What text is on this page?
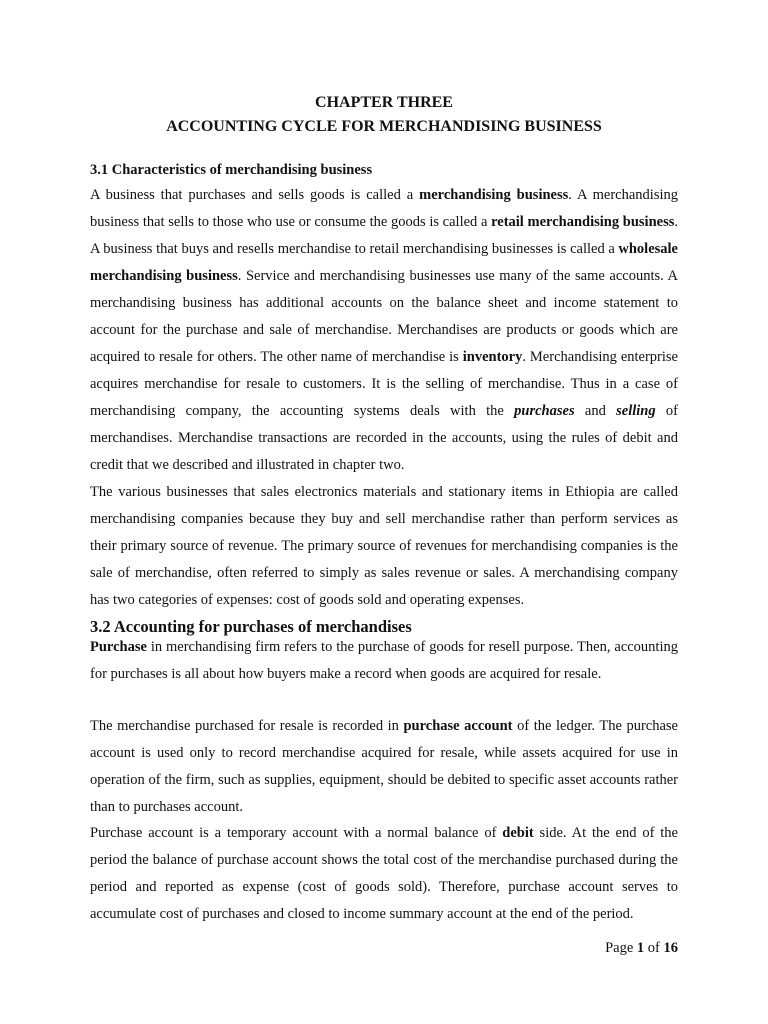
CHAPTER THREE

ACCOUNTING CYCLE FOR MERCHANDISING BUSINESS

3.1 Characteristics of merchandising business

A business that purchases and sells goods is called a merchandising business. A merchandising business that sells to those who use or consume the goods is called a retail merchandising business. A business that buys and resells merchandise to retail merchandising businesses is called a wholesale merchandising business. Service and merchandising businesses use many of the same accounts. A merchandising business has additional accounts on the balance sheet and income statement to account for the purchase and sale of merchandise. Merchandises are products or goods which are acquired to resale for others. The other name of merchandise is inventory. Merchandising enterprise acquires merchandise for resale to customers. It is the selling of merchandise. Thus in a case of merchandising company, the accounting systems deals with the purchases and selling of merchandises. Merchandise transactions are recorded in the accounts, using the rules of debit and credit that we described and illustrated in chapter two.

The various businesses that sales electronics materials and stationary items in Ethiopia are called merchandising companies because they buy and sell merchandise rather than perform services as their primary source of revenue. The primary source of revenues for merchandising companies is the sale of merchandise, often referred to simply as sales revenue or sales. A merchandising company has two categories of expenses: cost of goods sold and operating expenses.

3.2 Accounting for purchases of merchandises

Purchase in merchandising firm refers to the purchase of goods for resell purpose. Then, accounting for purchases is all about how buyers make a record when goods are acquired for resale.

The merchandise purchased for resale is recorded in purchase account of the ledger. The purchase account is used only to record merchandise acquired for resale, while assets acquired for use in operation of the firm, such as supplies, equipment, should be debited to specific asset accounts rather than to purchases account.

Purchase account is a temporary account with a normal balance of debit side. At the end of the period the balance of purchase account shows the total cost of the merchandise purchased during the period and reported as expense (cost of goods sold). Therefore, purchase account serves to accumulate cost of purchases and closed to income summary account at the end of the period.

Page 1 of 16
